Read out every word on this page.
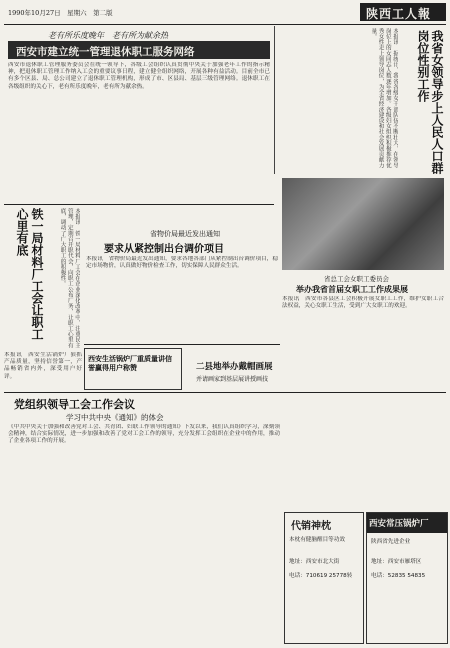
1990年10月27日　星期六　第二版	陕西工人報
老有所乐度晚年　老有所为献余热
西安市建立统一管理退休职工服务网络
西安市退休职工管理服务委员会在统一领导下，各级工会组织认真贯彻中央关于加强老年工作的指示精神，把退休职工管理工作纳入工会的重要议事日程，建立健全组织网络，开展各种有益活动。目前全市已有多个区县、局、总公司建立了退休职工管理机构，形成了市、区县局、基层三级管理网络。退休职工在各级组织的关心下，老有所乐度晚年，老有所为献余热。	本报讯　据统计，我省各级女干部队伍不断壮大，在领导岗位上的女同志人数逐年增加。各级妇女组织积极推荐优秀女性走上领导岗位，为全省经济建设和社会发展贡献力量。	我省女领导步上人民人口群岗位性别工作
铁一局材料厂工会让职工心里有底	本报讯　铁一局材料厂工会在企业深化改革中，注重民主管理，定期召开职代会，向职工公布厂务，让职工心里有底，调动了广大职工的积极性。	省物价局最近发出通知
要求从紧控制出台调价项目
本报讯　省物价局最近发出通知，要求各地各部门从紧控制出台调价项目，稳定市场物价，认真做好物价检查工作，切实保障人民群众生活。
省总工会女职工委员会
举办我省首届女职工工作成果展
本报讯　西安市各县区工会积极开展女职工工作，维护女职工合法权益，关心女职工生活，受到广大女职工的欢迎。
西安生活锅炉厂重质量讲信誉赢得用户称赞
本报讯　西安生活锅炉厂狠抓产品质量，坚持信誉第一，产品畅销省内外，深受用户好评。
二县地举办戴帽画展
并请画家到基层展讲授画技
党组织领导工会工作会议
学习中共中央《通知》的体会
《中共中央关于加强和改善党对工会、共青团、妇联工作领导的通知》下发以来，我们认真组织学习，深刻领会精神，结合实际情况，进一步加强和改善了党对工会工作的领导，充分发挥工会组织在企业中的作用，推动了企业各项工作的开展。
代销神枕
本枕有健脑醒目等功效
地址：西安市北大街
电话：710619 25778转
西安常压锅炉厂
陕西省先进企业
地址：西安市雁塔区
电话：52835 54835
